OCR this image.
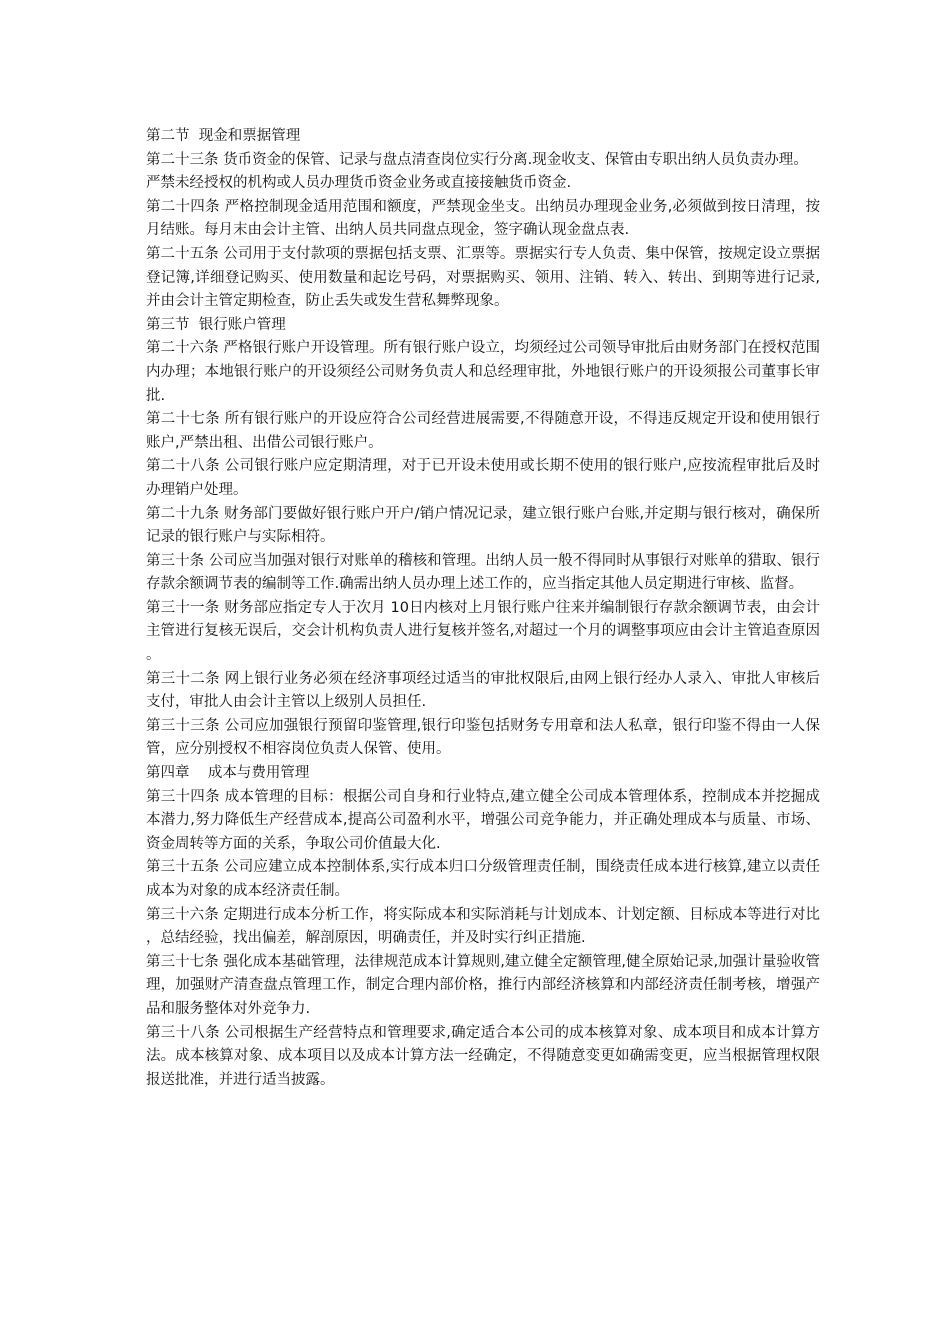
第二节  现金和票据管理

第二十三条 货币资金的保管、记录与盘点清查岗位实行分离.现金收支、保管由专职出纳人员负责办理。

严禁未经授权的机构或人员办理货币资金业务或直接接触货币资金.

第二十四条 严格控制现金适用范围和额度，严禁现金坐支。出纳员办理现金业务,必须做到按日清理，按月结账。每月末由会计主管、出纳人员共同盘点现金，签字确认现金盘点表.

第二十五条 公司用于支付款项的票据包括支票、汇票等。票据实行专人负责、集中保管，按规定设立票据登记簿,详细登记购买、使用数量和起讫号码，对票据购买、领用、注销、转入、转出、到期等进行记录,并由会计主管定期检查，防止丢失或发生营私舞弊现象。

第三节  银行账户管理

第二十六条 严格银行账户开设管理。所有银行账户设立，均须经过公司领导审批后由财务部门在授权范围内办理；本地银行账户的开设须经公司财务负责人和总经理审批，外地银行账户的开设须报公司董事长审批.

第二十七条 所有银行账户的开设应符合公司经营进展需要,不得随意开设，不得违反规定开设和使用银行账户,严禁出租、出借公司银行账户。

第二十八条 公司银行账户应定期清理，对于已开设未使用或长期不使用的银行账户,应按流程审批后及时办理销户处理。

第二十九条 财务部门要做好银行账户开户/销户情况记录，建立银行账户台账,并定期与银行核对，确保所记录的银行账户与实际相符。

第三十条 公司应当加强对银行对账单的稽核和管理。出纳人员一般不得同时从事银行对账单的猎取、银行存款余额调节表的编制等工作.确需出纳人员办理上述工作的，应当指定其他人员定期进行审核、监督。

第三十一条 财务部应指定专人于次月 10日内核对上月银行账户往来并编制银行存款余额调节表，由会计主管进行复核无误后，交会计机构负责人进行复核并签名,对超过一个月的调整事项应由会计主管追查原因。

第三十二条 网上银行业务必须在经济事项经过适当的审批权限后,由网上银行经办人录入、审批人审核后支付，审批人由会计主管以上级别人员担任.

第三十三条 公司应加强银行预留印鉴管理,银行印鉴包括财务专用章和法人私章，银行印鉴不得由一人保管，应分别授权不相容岗位负责人保管、使用。

第四章    成本与费用管理

第三十四条 成本管理的目标：根据公司自身和行业特点,建立健全公司成本管理体系，控制成本并挖掘成本潜力,努力降低生产经营成本,提高公司盈利水平，增强公司竞争能力，并正确处理成本与质量、市场、资金周转等方面的关系，争取公司价值最大化.

第三十五条 公司应建立成本控制体系,实行成本归口分级管理责任制，围绕责任成本进行核算,建立以责任成本为对象的成本经济责任制。

第三十六条 定期进行成本分析工作，将实际成本和实际消耗与计划成本、计划定额、目标成本等进行对比，总结经验，找出偏差，解剖原因，明确责任，并及时实行纠正措施.

第三十七条 强化成本基础管理，法律规范成本计算规则,建立健全定额管理,健全原始记录,加强计量验收管理，加强财产清查盘点管理工作，制定合理内部价格，推行内部经济核算和内部经济责任制考核，增强产品和服务整体对外竞争力.

第三十八条 公司根据生产经营特点和管理要求,确定适合本公司的成本核算对象、成本项目和成本计算方法。成本核算对象、成本项目以及成本计算方法一经确定，不得随意变更如确需变更，应当根据管理权限报送批准，并进行适当披露。
